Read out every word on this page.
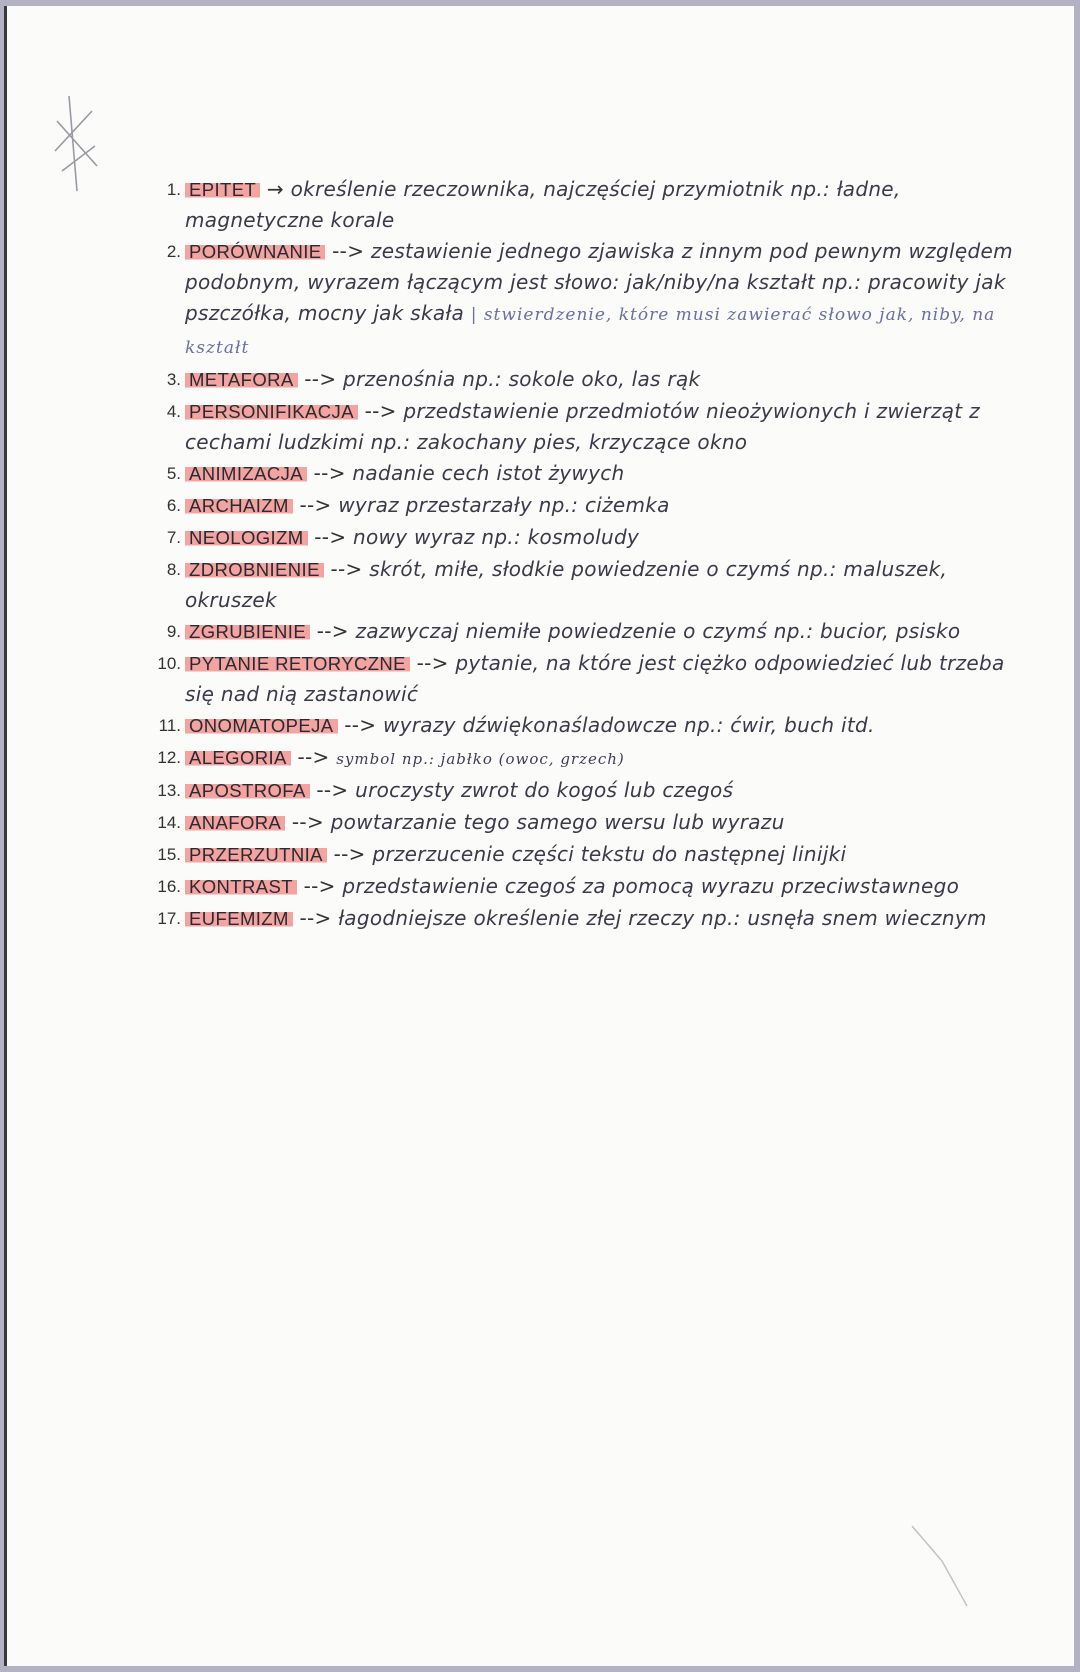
1. EPITET → określenie rzeczownika, najczęściej przymiotnik np.: ładne, magnetyczne korale
2. PORÓWNANIE --> zestawienie jednego zjawiska z innym pod pewnym względem podobnym, wyrazem łączącym jest słowo: jak/niby/na kształt np.: pracowity jak pszczółka, mocny jak skała | stwierdzenie, które musi zawierać słowo jak, niby, na kształt
3. METAFORA --> przenośnia np.: sokole oko, las rąk
4. PERSONIFIKACJA --> przedstawienie przedmiotów nieożywionych i zwierząt z cechami ludzkimi np.: zakochany pies, krzyczące okno
5. ANIMIZACJA --> nadanie cech istot żywych
6. ARCHAIZM --> wyraz przestarzały np.: ciżemka
7. NEOLOGIZM --> nowy wyraz np.: kosmoludy
8. ZDROBNIENIE --> skrót, miłe, słodkie powiedzenie o czymś np.: maluszek, okruszek
9. ZGRUBIENIE --> zazwyczaj niemiłe powiedzenie o czymś np.: bucior, psisko
10. PYTANIE RETORYCZNE --> pytanie, na które jest ciężko odpowiedzieć lub trzeba się nad nią zastanowić
11. ONOMATOPEJA --> wyrazy dźwiękonaśladowcze np.: ćwir, buch itd.
12. ALEGORIA --> symbol np.: jabłko (owoc, grzech)
13. APOSTROFA --> uroczysty zwrot do kogoś lub czegoś
14. ANAFORA --> powtarzanie tego samego wersu lub wyrazu
15. PRZERZUTNIA --> przerzucenie części tekstu do następnej linijki
16. KONTRAST --> przedstawienie czegoś za pomocą wyrazu przeciwstawnego
17. EUFEMIZM --> łagodniejsze określenie złej rzeczy np.: usnęła snem wiecznym
